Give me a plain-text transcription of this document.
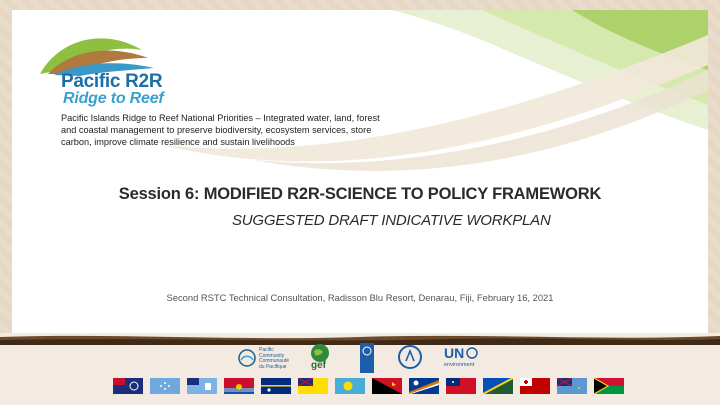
Pacific R2R
Ridge to Reef
Pacific Islands Ridge to Reef National Priorities – Integrated water, land, forest and coastal management to preserve biodiversity, ecosystem services, store carbon, improve climate resilience and sustain livelihoods
Session 6: MODIFIED R2R-SCIENCE TO POLICY FRAMEWORK
SUGGESTED DRAFT INDICATIVE WORKPLAN
Second RSTC Technical Consultation, Radisson Blu Resort, Denarau, Fiji, February 16, 2021
Pacific
Community
Communauté
du Pacifique gef
UN
environment
